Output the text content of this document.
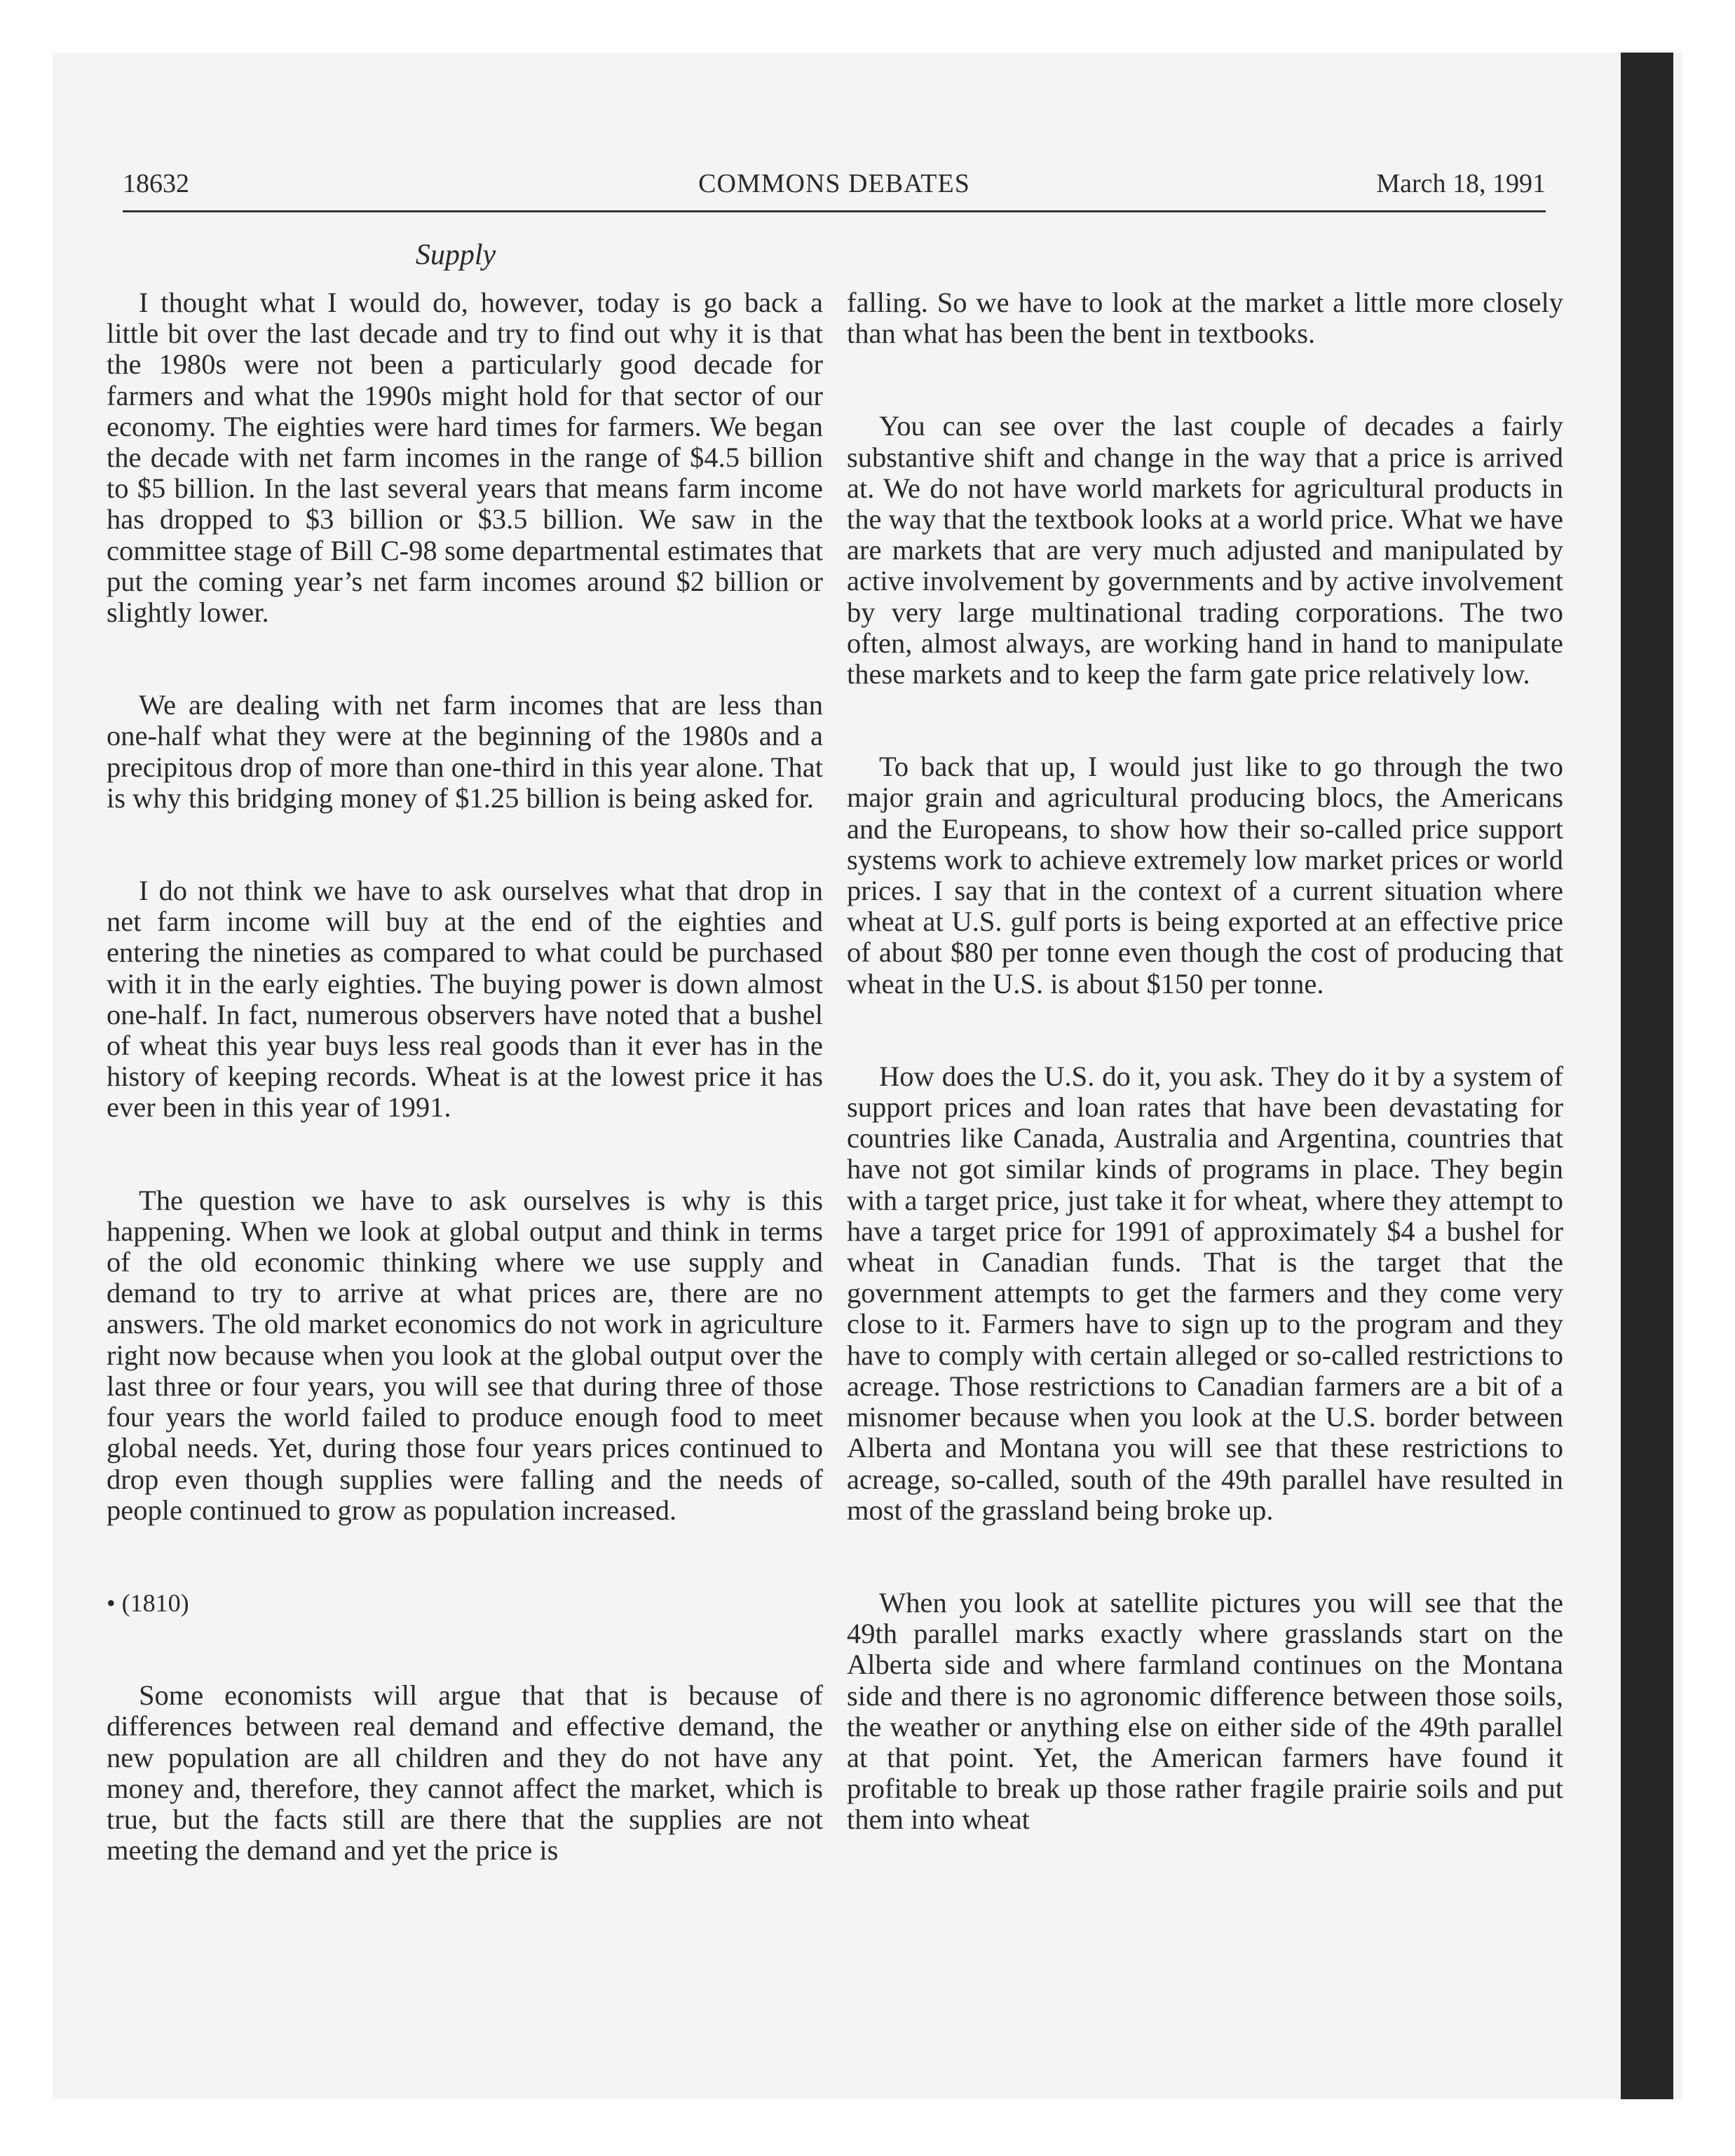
18632	COMMONS DEBATES	March 18, 1991
Supply

I thought what I would do, however, today is go back a little bit over the last decade and try to find out why it is that the 1980s were not been a particularly good decade for farmers and what the 1990s might hold for that sector of our economy. The eighties were hard times for farmers. We began the decade with net farm incomes in the range of $4.5 billion to $5 billion. In the last several years that means farm income has dropped to $3 billion or $3.5 billion. We saw in the committee stage of Bill C-98 some departmental estimates that put the coming year’s net farm incomes around $2 billion or slightly lower.

We are dealing with net farm incomes that are less than one-half what they were at the beginning of the 1980s and a precipitous drop of more than one-third in this year alone. That is why this bridging money of $1.25 billion is being asked for.

I do not think we have to ask ourselves what that drop in net farm income will buy at the end of the eighties and entering the nineties as compared to what could be purchased with it in the early eighties. The buying power is down almost one-half. In fact, numerous observers have noted that a bushel of wheat this year buys less real goods than it ever has in the history of keeping records. Wheat is at the lowest price it has ever been in this year of 1991.

The question we have to ask ourselves is why is this happening. When we look at global output and think in terms of the old economic thinking where we use supply and demand to try to arrive at what prices are, there are no answers. The old market economics do not work in agriculture right now because when you look at the global output over the last three or four years, you will see that during three of those four years the world failed to produce enough food to meet global needs. Yet, during those four years prices continued to drop even though supplies were falling and the needs of people continued to grow as population increased.

• (1810)

Some economists will argue that that is because of differences between real demand and effective demand, the new population are all children and they do not have any money and, therefore, they cannot affect the market, which is true, but the facts still are there that the supplies are not meeting the demand and yet the price is

falling. So we have to look at the market a little more closely than what has been the bent in textbooks.

You can see over the last couple of decades a fairly substantive shift and change in the way that a price is arrived at. We do not have world markets for agricultural products in the way that the textbook looks at a world price. What we have are markets that are very much adjusted and manipulated by active involvement by governments and by active involvement by very large multinational trading corporations. The two often, almost always, are working hand in hand to manipulate these markets and to keep the farm gate price relatively low.

To back that up, I would just like to go through the two major grain and agricultural producing blocs, the Americans and the Europeans, to show how their so-called price support systems work to achieve extremely low market prices or world prices. I say that in the context of a current situation where wheat at U.S. gulf ports is being exported at an effective price of about $80 per tonne even though the cost of producing that wheat in the U.S. is about $150 per tonne.

How does the U.S. do it, you ask. They do it by a system of support prices and loan rates that have been devastating for countries like Canada, Australia and Argentina, countries that have not got similar kinds of programs in place. They begin with a target price, just take it for wheat, where they attempt to have a target price for 1991 of approximately $4 a bushel for wheat in Canadian funds. That is the target that the government attempts to get the farmers and they come very close to it. Farmers have to sign up to the program and they have to comply with certain alleged or so-called restrictions to acreage. Those restrictions to Canadian farmers are a bit of a misnomer because when you look at the U.S. border between Alberta and Montana you will see that these restrictions to acreage, so-called, south of the 49th parallel have resulted in most of the grassland being broke up.

When you look at satellite pictures you will see that the 49th parallel marks exactly where grasslands start on the Alberta side and where farmland continues on the Montana side and there is no agronomic difference between those soils, the weather or anything else on either side of the 49th parallel at that point. Yet, the American farmers have found it profitable to break up those rather fragile prairie soils and put them into wheat
